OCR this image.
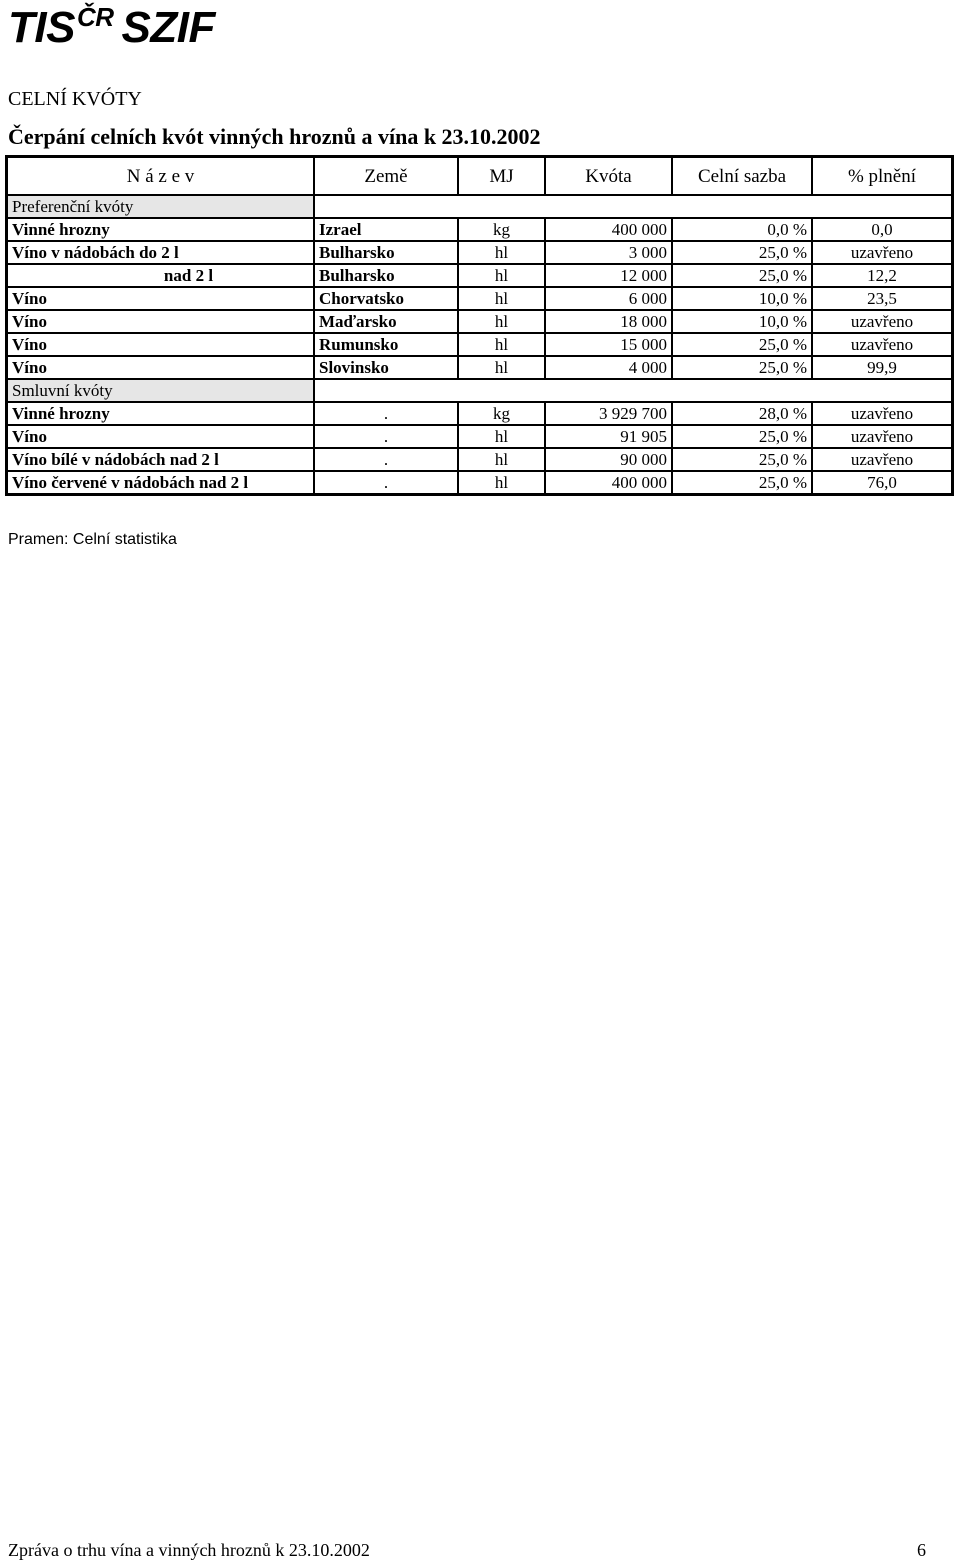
$TIS^{ČR}$ SZIF
CELNÍ KVÓTY
Čerpání celních kvót vinných hroznů a vína k 23.10.2002
N á z e v	Země	MJ	Kvóta	Celní sazba	% plnění
Preferenční kvóty					
Vinné hrozny	Izrael	kg	400 000	0,0 %	0,0
Víno v nádobách do 2 l	Bulharsko	hl	3 000	25,0 %	uzavřeno
nad 2 l	Bulharsko	hl	12 000	25,0 %	12,2
Víno	Chorvatsko	hl	6 000	10,0 %	23,5
Víno	Maďarsko	hl	18 000	10,0 %	uzavřeno
Víno	Rumunsko	hl	15 000	25,0 %	uzavřeno
Víno	Slovinsko	hl	4 000	25,0 %	99,9
Smluvní kvóty					
Vinné hrozny	.	kg	3 929 700	28,0 %	uzavřeno
Víno	.	hl	91 905	25,0 %	uzavřeno
Víno bílé v nádobách nad 2 l	.	hl	90 000	25,0 %	uzavřeno
Víno červené v nádobách nad 2 l	.	hl	400 000	25,0 %	76,0
Pramen: Celní statistika
Zpráva o trhu vína a vinných hroznů k 23.10.2002	6
